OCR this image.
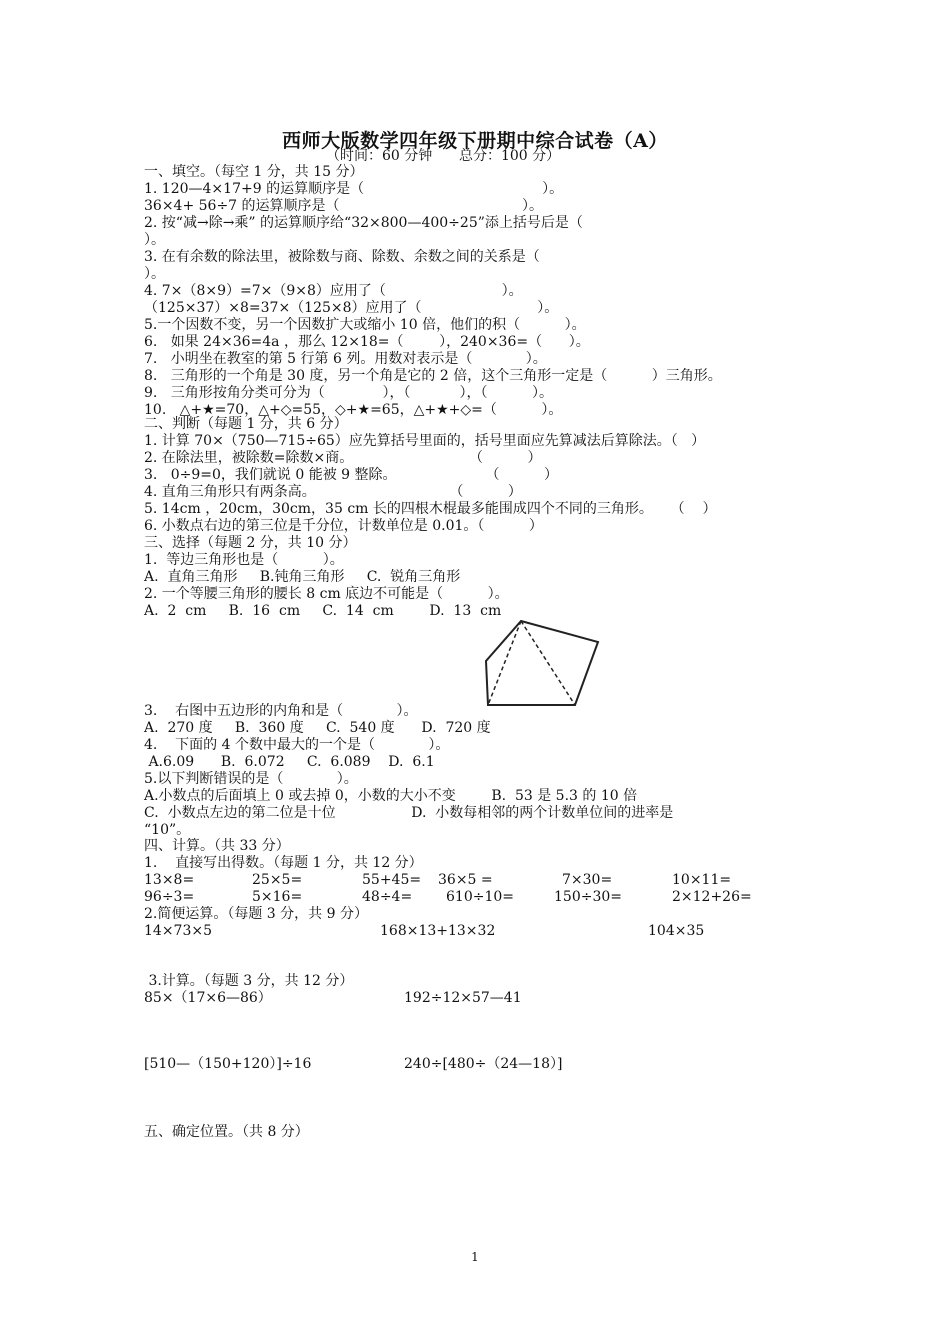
西师大版数学四年级下册期中综合试卷（A）
（时间：60 分钟      总分：100 分）
一、填空。（每空 1 分，共 15 分）
1. 120—4×17+9 的运算顺序是（                                        ）。
36×4+ 56÷7 的运算顺序是（                                         ）。
2. 按“减→除→乘” 的运算顺序给“32×800—400÷25”添上括号后是（
）。
3. 在有余数的除法里，被除数与商、除数、余数之间的关系是（
）。
4. 7×（8×9）=7×（9×8）应用了（                          ）。
（125×37）×8=37×（125×8）应用了（                          ）。
5.一个因数不变，另一个因数扩大或缩小 10 倍，他们的积（          ）。
6.   如果 24×36=4a ，那么 12×18=（        ），240×36=（      ）。
7.   小明坐在教室的第 5 行第 6 列。用数对表示是（            ）。
8.   三角形的一个角是 30 度，另一个角是它的 2 倍，这个三角形一定是（          ）三角形。
9.   三角形按角分类可分为（             ），（           ），（          ）。
10.   △+★=70，△+◇=55，◇+★=65，△+★+◇=（          ）。
二、判断（每题 1 分，共 6 分）
1. 计算 70×（750—715÷65）应先算括号里面的，括号里面应先算减法后算除法。（   ）
2. 在除法里，被除数=除数×商。                          （          ）
3.   0÷9=0，我们就说 0 能被 9 整除。                    （          ）
4. 直角三角形只有两条高。                              （          ）
5. 14cm ，20cm，30cm，35 cm 长的四根木棍最多能围成四个不同的三角形。    （    ）
6. 小数点右边的第三位是千分位，计数单位是 0.01。（          ）
三、选择（每题 2 分，共 10 分）
1.  等边三角形也是（          ）。
A.  直角三角形     B.钝角三角形     C.  锐角三角形
2. 一个等腰三角形的腰长 8 cm 底边不可能是（          ）。
A.  2  cm     B.  16  cm     C.  14  cm        D.  13  cm
3.    右图中五边形的内角和是（            ）。
A.  270 度     B.  360 度     C.  540 度      D.  720 度
4.    下面的 4 个数中最大的一个是（            ）。
A.6.09      B.  6.072     C.  6.089    D.  6.1
5.以下判断错误的是（            ）。
A.小数点的后面填上 0 或去掉 0，小数的大小不变        B.  53 是 5.3 的 10 倍
C.  小数点左边的第二位是十位                 D.  小数每相邻的两个计数单位间的进率是
“10”。
四、计算。（共 33 分）
1.    直接写出得数。（每题 1 分，共 12 分）
13×8=	25×5=	55+45= 36×5 =	7×30=	10×11=
96÷3=	5×16=	48÷4= 610÷10=	150÷30=	2×12+26=
2.简便运算。（每题 3 分，共 9 分）
14×73×5	168×13+13×32	104×35
3.计算。（每题 3 分，共 12 分）
85×（17×6—86）	192÷12×57—41
[510—（150+120）]÷16	240÷[480÷（24—18）]
五、确定位置。（共 8 分）
1
